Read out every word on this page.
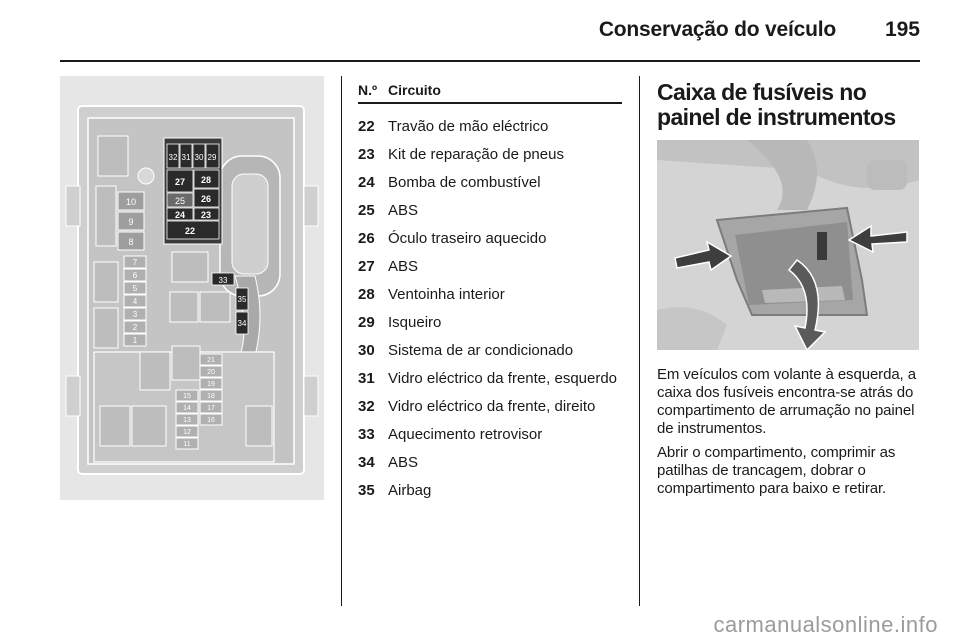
Conservação do veículo 195
32 31 30 29
28
27
26
25
24 23
22
10
9
8
7
6
5
4
3
2
1
33
35
34
21
20
19
18
17
16
15
14
13
12
11
N.º Circuito
22 Travão de mão eléctrico
23 Kit de reparação de pneus
24 Bomba de combustível
25 ABS
26 Óculo traseiro aquecido
27 ABS
28 Ventoinha interior
29 Isqueiro
30 Sistema de ar condicionado
31 Vidro eléctrico da frente, esquerdo
32 Vidro eléctrico da frente, direito
33 Aquecimento retrovisor
34 ABS
35 Airbag
Caixa de fusíveis no painel de instrumentos

Em veículos com volante à esquerda, a caixa dos fusíveis encontra-se atrás do compartimento de arrumação no painel de instrumentos.

Abrir o compartimento, comprimir as patilhas de trancagem, dobrar o compartimento para baixo e retirar.

carmanualsonline.info
